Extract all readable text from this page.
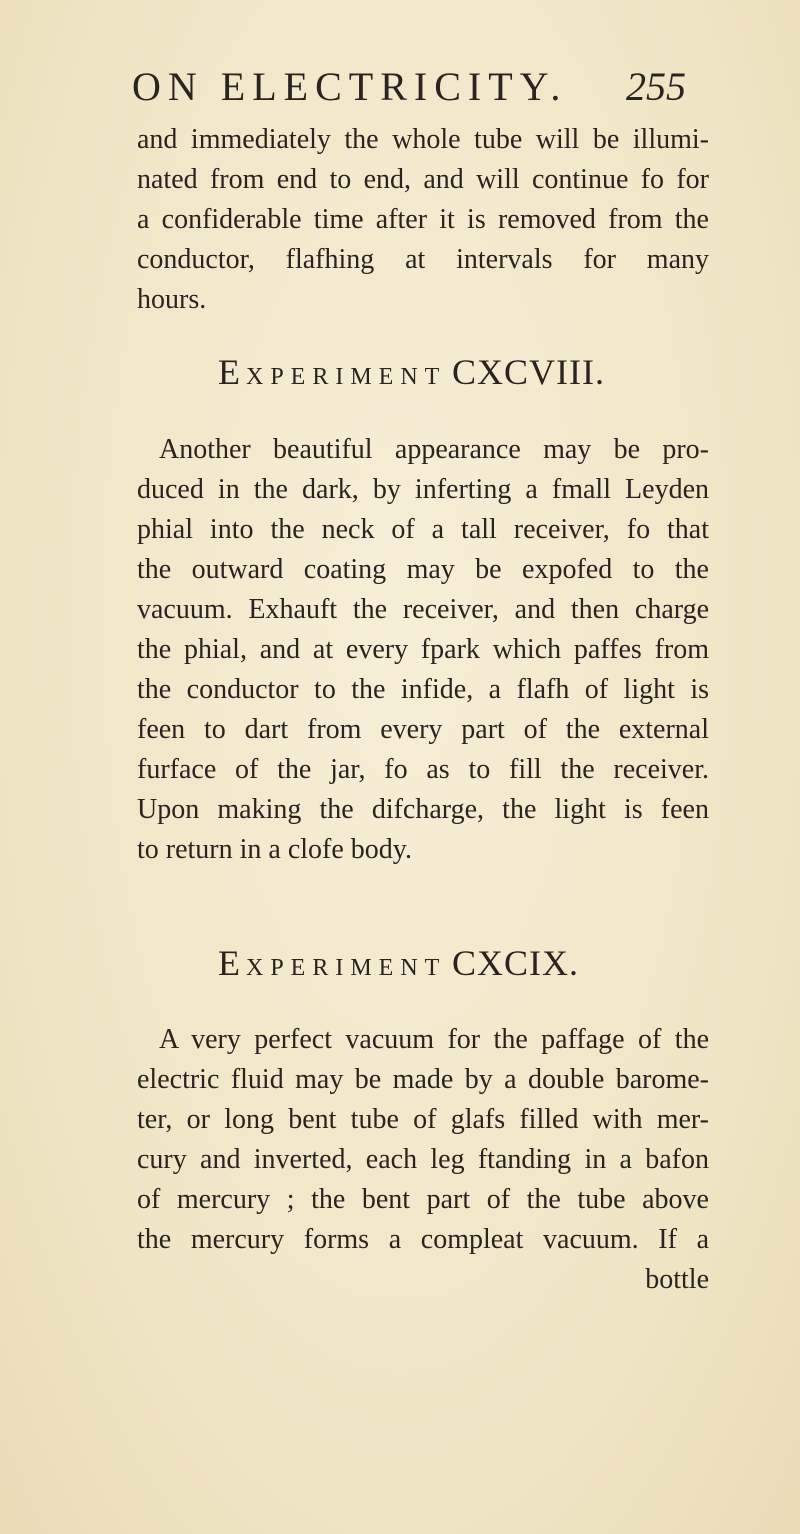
ON ELECTRICITY. 255
and immediately the whole tube will be illumi-
nated from end to end, and will continue fo for
a confiderable time after it is removed from the
conductor, flafhing at intervals for many
hours.
EXPERIMENT CXCVIII.
Another beautiful appearance may be pro-
duced in the dark, by inferting a fmall Leyden
phial into the neck of a tall receiver, fo that
the outward coating may be expofed to the
vacuum. Exhauft the receiver, and then charge
the phial, and at every fpark which paffes from
the conductor to the infide, a flafh of light is
feen to dart from every part of the external
furface of the jar, fo as to fill the receiver.
Upon making the difcharge, the light is feen
to return in a clofe body.
EXPERIMENT CXCIX.
A very perfect vacuum for the paffage of the
electric fluid may be made by a double barome-
ter, or long bent tube of glafs filled with mer-
cury and inverted, each leg ftanding in a bafon
of mercury ; the bent part of the tube above
the mercury forms a compleat vacuum. If a
bottle
